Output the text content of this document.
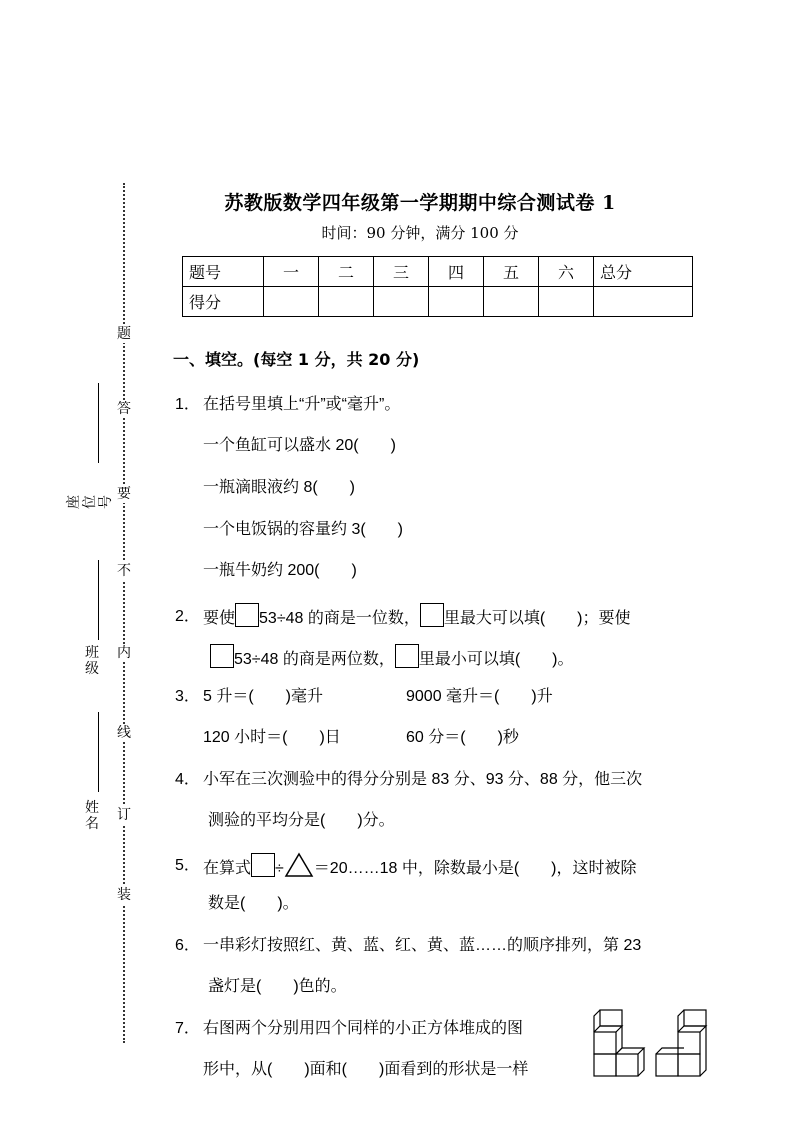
题
答
要
不
内
线
订
装
座位号
班级
姓名
苏教版数学四年级第一学期期中综合测试卷 1
时间：90 分钟，满分 100 分
题号	一	二	三	四	五	六	总分
得分							
一、填空。(每空 1 分，共 20 分)
1． 在括号里填上“升”或“毫升”。
一个鱼缸可以盛水 20(　　)
一瓶滴眼液约 8(　　)
一个电饭锅的容量约 3(　　)
一瓶牛奶约 200(　　)
2． 要使 53÷48 的商是一位数， 里最大可以填(　　)；要使
53÷48 的商是两位数， 里最小可以填(　　)。
3． 5 升＝(　　)毫升	9000 毫升＝(　　)升
120 小时＝(　　)日	60 分＝(　　)秒
4． 小军在三次测验中的得分分别是 83 分、93 分、88 分，他三次
测验的平均分是(　　)分。
5． 在算式 ÷ ＝20……18 中，除数最小是(　　)，这时被除
数是(　　)。
6． 一串彩灯按照红、黄、蓝、红、黄、蓝……的顺序排列，第 23
盏灯是(　　)色的。
7． 右图两个分别用四个同样的小正方体堆成的图
形中，从(　　)面和(　　)面看到的形状是一样
